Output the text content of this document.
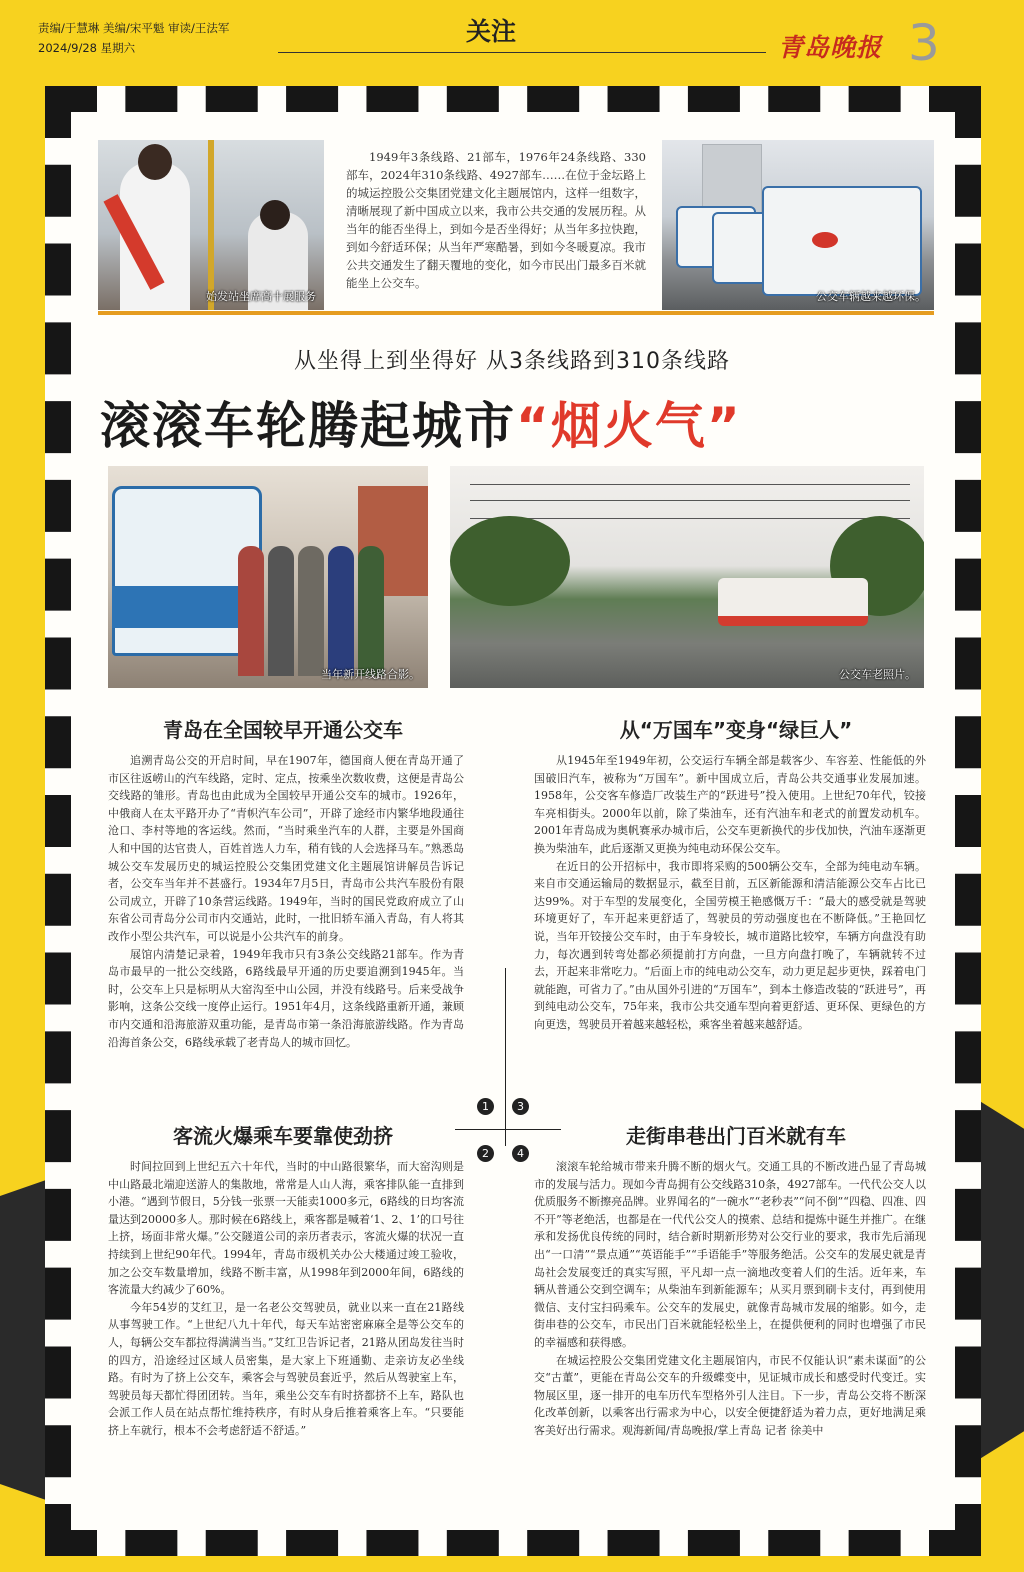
责编/于慧琳 美编/宋平魁 审读/王法军
2024/9/28 星期六
关注
青岛晚报 3
始发站坐席高十展服务
1949年3条线路、21部车，1976年24条线路、330部车，2024年310条线路、4927部车……在位于金坛路上的城运控股公交集团党建文化主题展馆内，这样一组数字，清晰展现了新中国成立以来，我市公共交通的发展历程。从当年的能否坐得上，到如今是否坐得好；从当年多拉快跑，到如今舒适环保；从当年严寒酷暑，到如今冬暖夏凉。我市公共交通发生了翻天覆地的变化，如今市民出门最多百米就能坐上公交车。
公交车辆越来越环保。
从坐得上到坐得好 从3条线路到310条线路
滚滚车轮腾起城市“烟火气”
当年新开线路合影。	公交车老照片。
青岛在全国较早开通公交车

追溯青岛公交的开启时间，早在1907年，德国商人便在青岛开通了市区往返崂山的汽车线路，定时、定点，按乘坐次数收费，这便是青岛公交线路的雏形。青岛也由此成为全国较早开通公交车的城市。1926年，中俄商人在太平路开办了“青帜汽车公司”，开辟了途经市内繁华地段通往沧口、李村等地的客运线。然而，“当时乘坐汽车的人群，主要是外国商人和中国的达官贵人，百姓首选人力车，稍有钱的人会选择马车。”熟悉岛城公交车发展历史的城运控股公交集团党建文化主题展馆讲解员告诉记者，公交车当年并不甚盛行。1934年7月5日，青岛市公共汽车股份有限公司成立，开辟了10条营运线路。1949年，当时的国民党政府成立了山东省公司青岛分公司市内交通站，此时，一批旧轿车涌入青岛，有人将其改作小型公共汽车，可以说是小公共汽车的前身。

展馆内清楚记录着，1949年我市只有3条公交线路21部车。作为青岛市最早的一批公交线路，6路线最早开通的历史要追溯到1945年。当时，公交车上只是标明从大窑沟至中山公园，并没有线路号。后来受战争影响，这条公交线一度停止运行。1951年4月，这条线路重新开通，兼顾市内交通和沿海旅游双重功能，是青岛市第一条沿海旅游线路。作为青岛沿海首条公交，6路线承载了老青岛人的城市回忆。

从“万国车”变身“绿巨人”

从1945年至1949年初，公交运行车辆全部是载客少、车容差、性能低的外国破旧汽车，被称为“万国车”。新中国成立后，青岛公共交通事业发展加速。1958年，公交客车修造厂改装生产的“跃进号”投入使用。上世纪70年代，铰接车亮相街头。2000年以前，除了柴油车，还有汽油车和老式的前置发动机车。2001年青岛成为奥帆赛承办城市后，公交车更新换代的步伐加快，汽油车逐渐更换为柴油车，此后逐渐又更换为纯电动环保公交车。

在近日的公开招标中，我市即将采购的500辆公交车，全部为纯电动车辆。来自市交通运输局的数据显示，截至目前，五区新能源和清洁能源公交车占比已达99%。对于车型的发展变化，全国劳模王艳感慨万千：“最大的感受就是驾驶环境更好了，车开起来更舒适了，驾驶员的劳动强度也在不断降低。”王艳回忆说，当年开铰接公交车时，由于车身较长，城市道路比较窄，车辆方向盘没有助力，每次遇到转弯处都必须提前打方向盘，一旦方向盘打晚了，车辆就转不过去，开起来非常吃力。“后面上市的纯电动公交车，动力更足起步更快，踩着电门就能跑，可省力了。”由从国外引进的“万国车”，到本土修造改装的“跃进号”，再到纯电动公交车，75年来，我市公共交通车型向着更舒适、更环保、更绿色的方向更迭，驾驶员开着越来越轻松，乘客坐着越来越舒适。

1	3
2	4
客流火爆乘车要靠使劲挤

时间拉回到上世纪五六十年代，当时的中山路很繁华，而大窑沟则是中山路最北端迎送游人的集散地，常常是人山人海，乘客排队能一直排到小港。“遇到节假日，5分钱一张票一天能卖1000多元，6路线的日均客流量达到20000多人。那时候在6路线上，乘客都是喊着‘1、2、1’的口号往上挤，场面非常火爆。”公交隧道公司的亲历者表示，客流火爆的状况一直持续到上世纪90年代。1994年，青岛市级机关办公大楼通过竣工验收，加之公交车数量增加，线路不断丰富，从1998年到2000年间，6路线的客流量大约减少了60%。

今年54岁的艾红卫，是一名老公交驾驶员，就业以来一直在21路线从事驾驶工作。“上世纪八九十年代，每天车站密密麻麻全是等公交车的人，每辆公交车都拉得满满当当。”艾红卫告诉记者，21路从团岛发往当时的四方，沿途经过区域人员密集，是大家上下班通勤、走亲访友必坐线路。有时为了挤上公交车，乘客会与驾驶员套近乎，然后从驾驶室上车，驾驶员每天都忙得团团转。当年，乘坐公交车有时挤都挤不上车，路队也会派工作人员在站点帮忙维持秩序，有时从身后推着乘客上车。“只要能挤上车就行，根本不会考虑舒适不舒适。”

走街串巷出门百米就有车

滚滚车轮给城市带来升腾不断的烟火气。交通工具的不断改进凸显了青岛城市的发展与活力。现如今青岛拥有公交线路310条，4927部车。一代代公交人以优质服务不断擦亮品牌。业界闻名的“一碗水”“老秒表”“问不倒”“四稳、四准、四不开”等老绝活，也都是在一代代公交人的摸索、总结和提炼中诞生并推广。在继承和发扬优良传统的同时，结合新时期新形势对公交行业的要求，我市先后涌现出“一口清”“景点通”“英语能手”“手语能手”等服务绝活。公交车的发展史就是青岛社会发展变迁的真实写照，平凡却一点一滴地改变着人们的生活。近年来，车辆从普通公交到空调车；从柴油车到新能源车；从买月票到刷卡支付，再到使用微信、支付宝扫码乘车。公交车的发展史，就像青岛城市发展的缩影。如今，走街串巷的公交车，市民出门百米就能轻松坐上，在提供便利的同时也增强了市民的幸福感和获得感。

在城运控股公交集团党建文化主题展馆内，市民不仅能认识“素未谋面”的公交“古董”，更能在青岛公交车的升级蝶变中，见证城市成长和感受时代变迁。实物展区里，逐一排开的电车历代车型格外引人注目。下一步，青岛公交将不断深化改革创新，以乘客出行需求为中心，以安全便捷舒适为着力点，更好地满足乘客美好出行需求。观海新闻/青岛晚报/掌上青岛 记者 徐美中
